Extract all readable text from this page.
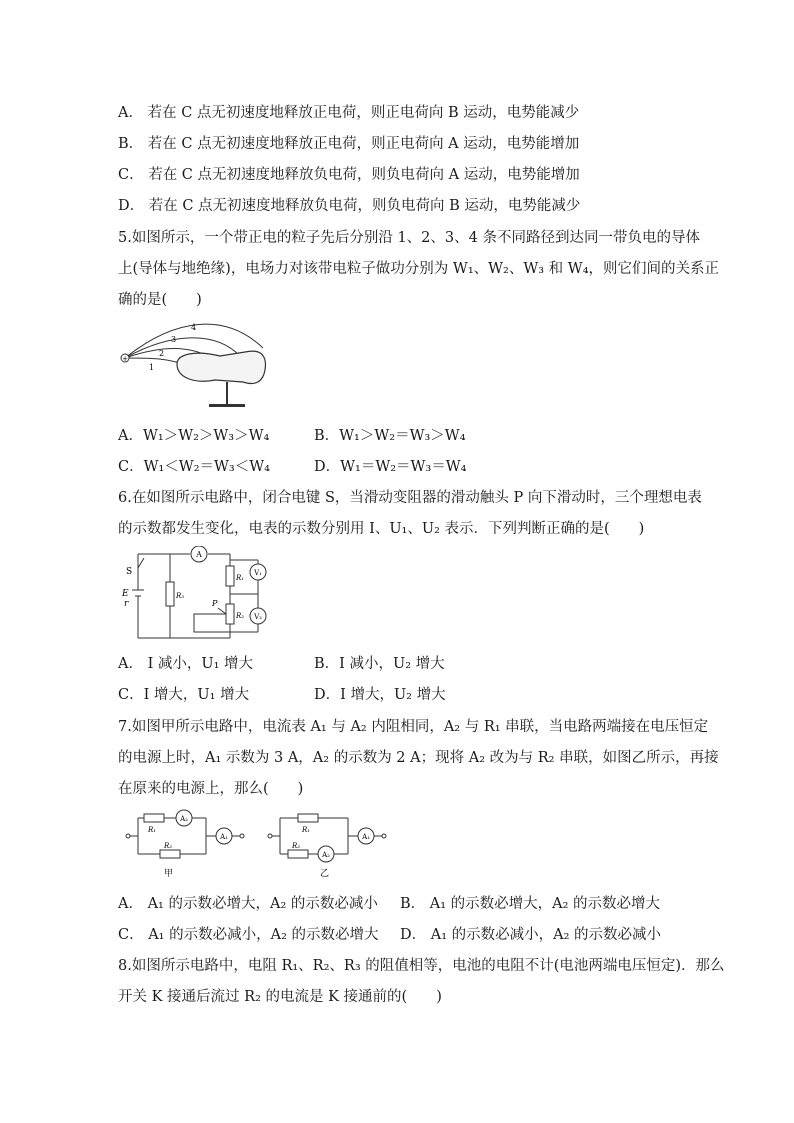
A． 若在 C 点无初速度地释放正电荷，则正电荷向 B 运动，电势能减少
B． 若在 C 点无初速度地释放正电荷，则正电荷向 A 运动，电势能增加
C． 若在 C 点无初速度地释放负电荷，则负电荷向 A 运动，电势能增加
D． 若在 C 点无初速度地释放负电荷，则负电荷向 B 运动，电势能减少
5.如图所示，一个带正电的粒子先后分别沿 1、2、3、4 条不同路径到达同一带负电的导体
上(导体与地绝缘)，电场力对该带电粒子做功分别为 W₁、W₂、W₃ 和 W₄，则它们间的关系正
确的是(　　)
+
1
2
3
4
A．W₁＞W₂＞W₃＞W₄	B．W₁＞W₂＝W₃＞W₄
C．W₁＜W₂＝W₃＜W₄	D．W₁＝W₂＝W₃＝W₄
6.在如图所示电路中，闭合电键 S，当滑动变阻器的滑动触头 P 向下滑动时，三个理想电表
的示数都发生变化，电表的示数分别用 I、U₁、U₂ 表示．下列判断正确的是(　　)
A
V₁
V₂
S
E
r
R₃
R₁
R₂
P
A． I 减小，U₁ 增大	B．I 减小，U₂ 增大
C．I 增大，U₁ 增大	D．I 增大，U₂ 增大
7.如图甲所示电路中，电流表 A₁ 与 A₂ 内阻相同，A₂ 与 R₁ 串联，当电路两端接在电压恒定
的电源上时，A₁ 示数为 3 A，A₂ 的示数为 2 A；现将 A₂ 改为与 R₂ 串联，如图乙所示，再接
在原来的电源上，那么(　　)
A₂
A₁
R₁
R₂
甲
A₂
A₁
R₁
R₂
乙
A． A₁ 的示数必增大，A₂ 的示数必减小 B． A₁ 的示数必增大，A₂ 的示数必增大
C． A₁ 的示数必减小，A₂ 的示数必增大 D． A₁ 的示数必减小，A₂ 的示数必减小
8.如图所示电路中，电阻 R₁、R₂、R₃ 的阻值相等，电池的电阻不计(电池两端电压恒定)．那么
开关 K 接通后流过 R₂ 的电流是 K 接通前的(　　)
